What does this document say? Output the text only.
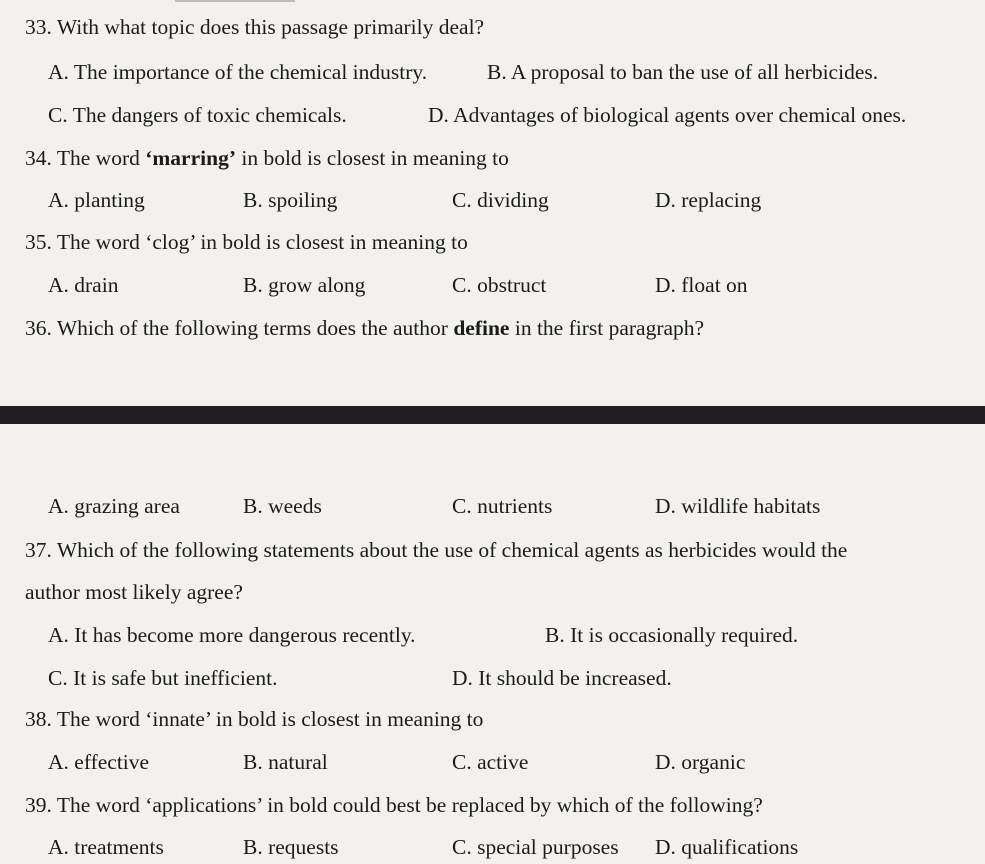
33. With what topic does this passage primarily deal?
A. The importance of the chemical industry.	B. A proposal to ban the use of all herbicides.
C. The dangers of toxic chemicals.	D. Advantages of biological agents over chemical ones.
34. The word ‘marring’ in bold is closest in meaning to
A. planting	B. spoiling	C. dividing	D. replacing
35. The word ‘clog’ in bold is closest in meaning to
A. drain	B. grow along	C. obstruct	D. float on
36. Which of the following terms does the author define in the first paragraph?
A. grazing area	B. weeds	C. nutrients	D. wildlife habitats
37. Which of the following statements about the use of chemical agents as herbicides would the
author most likely agree?
A. It has become more dangerous recently.	B. It is occasionally required.
C. It is safe but inefficient.	D. It should be increased.
38. The word ‘innate’ in bold is closest in meaning to
A. effective	B. natural	C. active	D. organic
39. The word ‘applications’ in bold could best be replaced by which of the following?
A. treatments	B. requests	C. special purposes D. qualifications
